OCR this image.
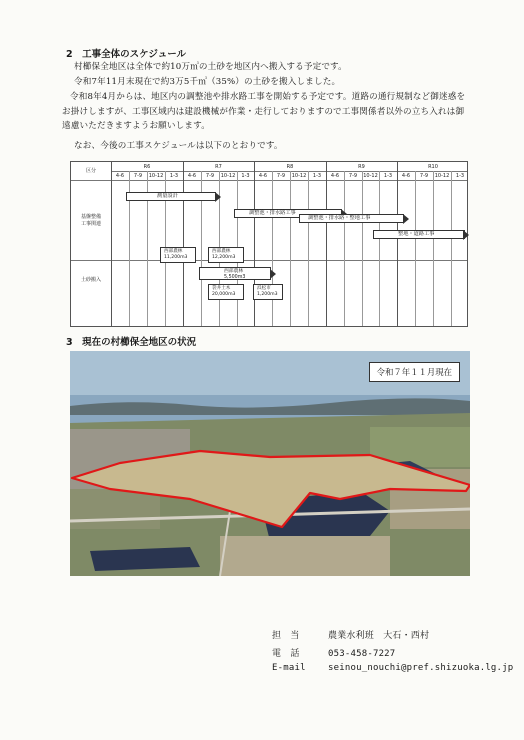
2　工事全体のスケジュール

村櫛保全地区は全体で約10万㎥の土砂を地区内へ搬入する予定です。

令和7年11月末現在で約3万5千㎥（35%）の土砂を搬入しました。

令和8年4月からは、地区内の調整池や排水路工事を開始する予定です。道路の通行規制など御迷惑をお掛けしますが、工事区域内は建設機械が作業・走行しておりますので工事関係者以外の立ち入れは御遠慮いただきますようお願いします。

なお、今後の工事スケジュールは以下のとおりです。

区分
R6	R7	R8	R9	R10
4-6	7-9	10-12	1-3	4-6	7-9	10-12	1-3	4-6	7-9	10-12	1-3	4-6	7-9	10-12	1-3	4-6	7-9	10-12	1-3
基盤整備
工事関連
土砂搬入
測量設計
調整池・排水路工事
調整池・排水路・整地工事
整地・道路工事
西部農林
11,200m3
西部農林
12,200m3
西部農林
5,500m3
袋井土木
20,000m3
浜松市
1,200m3
3　現在の村櫛保全地区の状況
令和７年１１月現在
担　当	農業水利班　大石・西村
電　話	053-458-7227
E-mail seinou_nouchi@pref.shizuoka.lg.jp
